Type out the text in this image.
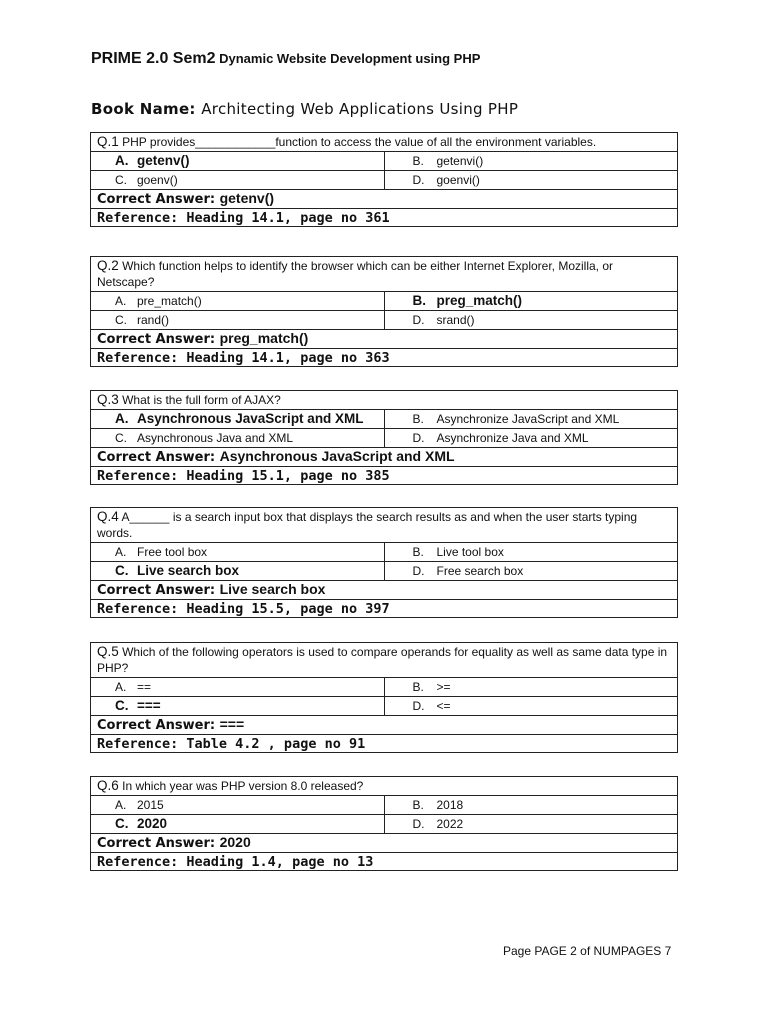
PRIME 2.0 Sem2 Dynamic Website Development using PHP
Book Name: Architecting Web Applications Using PHP
Q.1 PHP provides____________function to access the value of all the environment variables.	
A. getenv()	B. getenvi()
C. goenv()	D. goenvi()
Correct Answer: getenv()	
Reference: Heading 14.1, page no 361	
Q.2 Which function helps to identify the browser which can be either Internet Explorer, Mozilla, or Netscape?	
A. pre_match()	B. preg_match()
C. rand()	D. srand()
Correct Answer: preg_match()	
Reference: Heading 14.1, page no 363	
Q.3 What is the full form of AJAX?	
A. Asynchronous JavaScript and XML	B. Asynchronize JavaScript and XML
C. Asynchronous Java and XML	D. Asynchronize Java and XML
Correct Answer: Asynchronous JavaScript and XML	
Reference: Heading 15.1, page no 385	
Q.4 A______ is a search input box that displays the search results as and when the user starts typing words.	
A. Free tool box	B. Live tool box
C. Live search box	D. Free search box
Correct Answer: Live search box	
Reference: Heading 15.5, page no 397	
Q.5 Which of the following operators is used to compare operands for equality as well as same data type in PHP?	
A. ==	B. >=
C. ===	D. <=
Correct Answer: ===	
Reference: Table 4.2 , page no 91	
Q.6 In which year was PHP version 8.0 released?	
A. 2015	B. 2018
C. 2020	D. 2022
Correct Answer: 2020	
Reference: Heading 1.4, page no 13	
Page PAGE 2 of NUMPAGES 7
